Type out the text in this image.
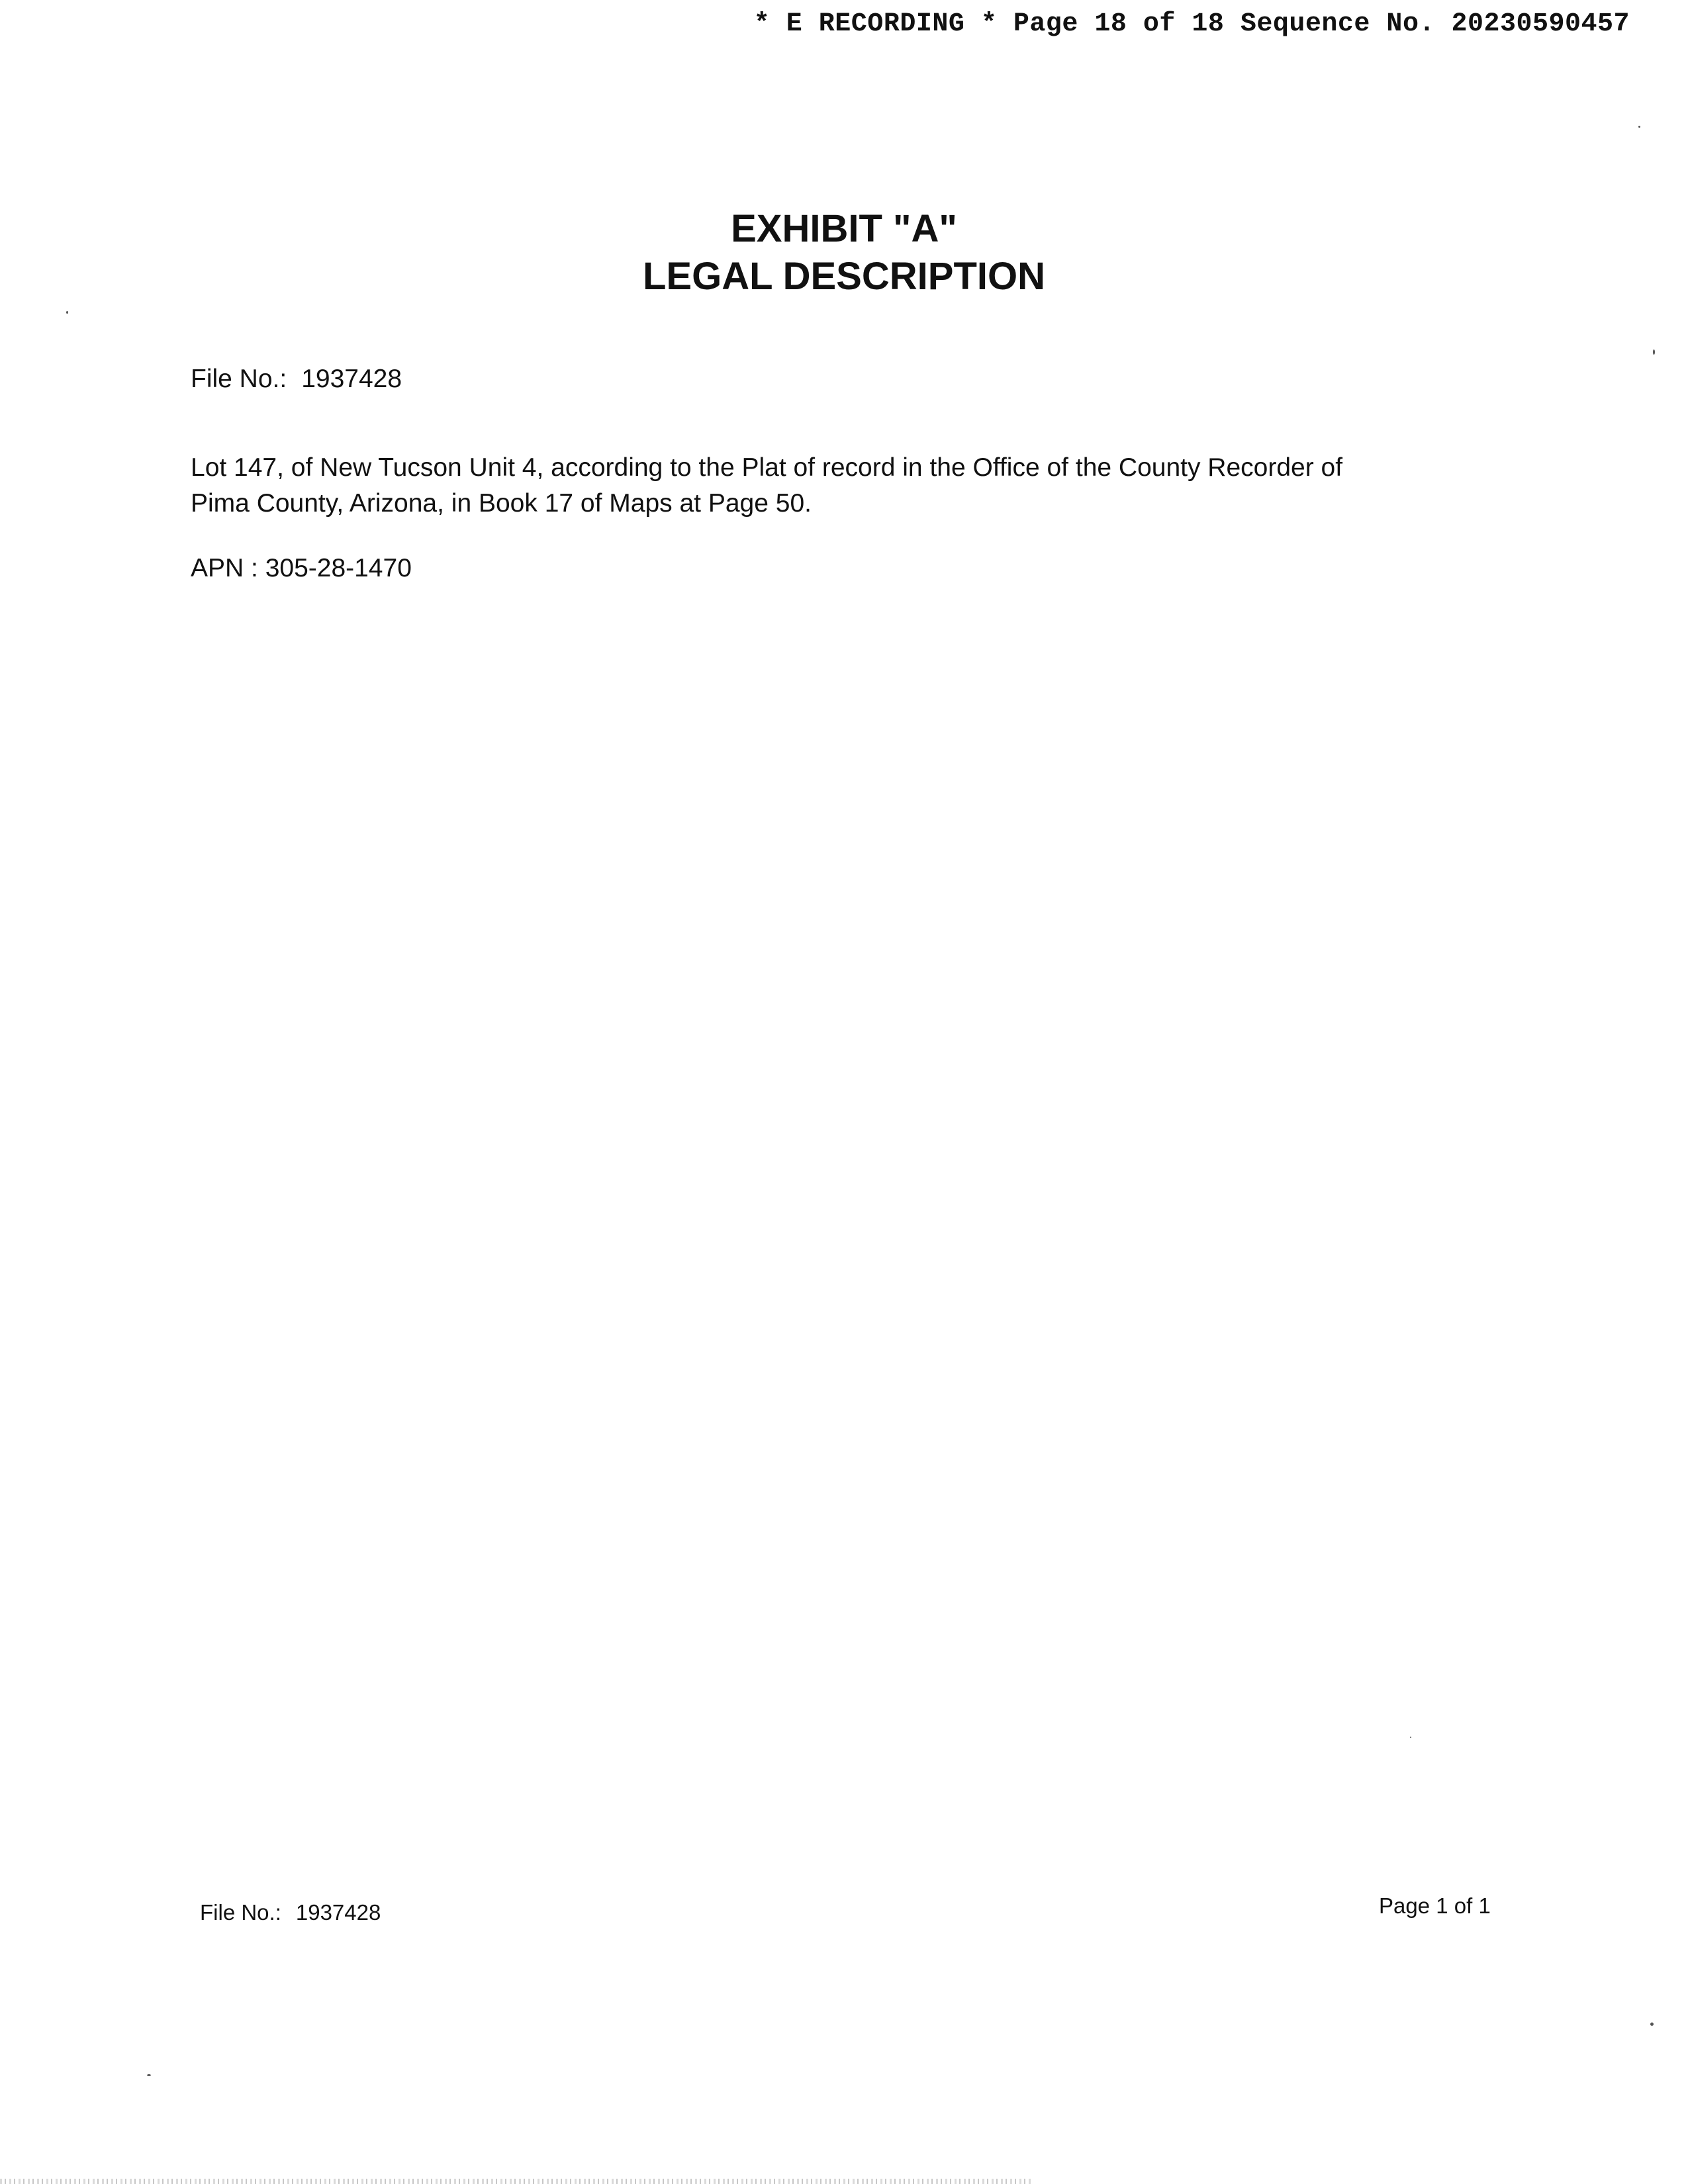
* E RECORDING * Page 18 of 18 Sequence No. 20230590457
EXHIBIT "A"
LEGAL DESCRIPTION
File No.: 1937428
Lot 147, of New Tucson Unit 4, according to the Plat of record in the Office of the County Recorder of
Pima County, Arizona, in Book 17 of Maps at Page 50.
APN : 305-28-1470
File No.: 1937428	Page 1 of 1
